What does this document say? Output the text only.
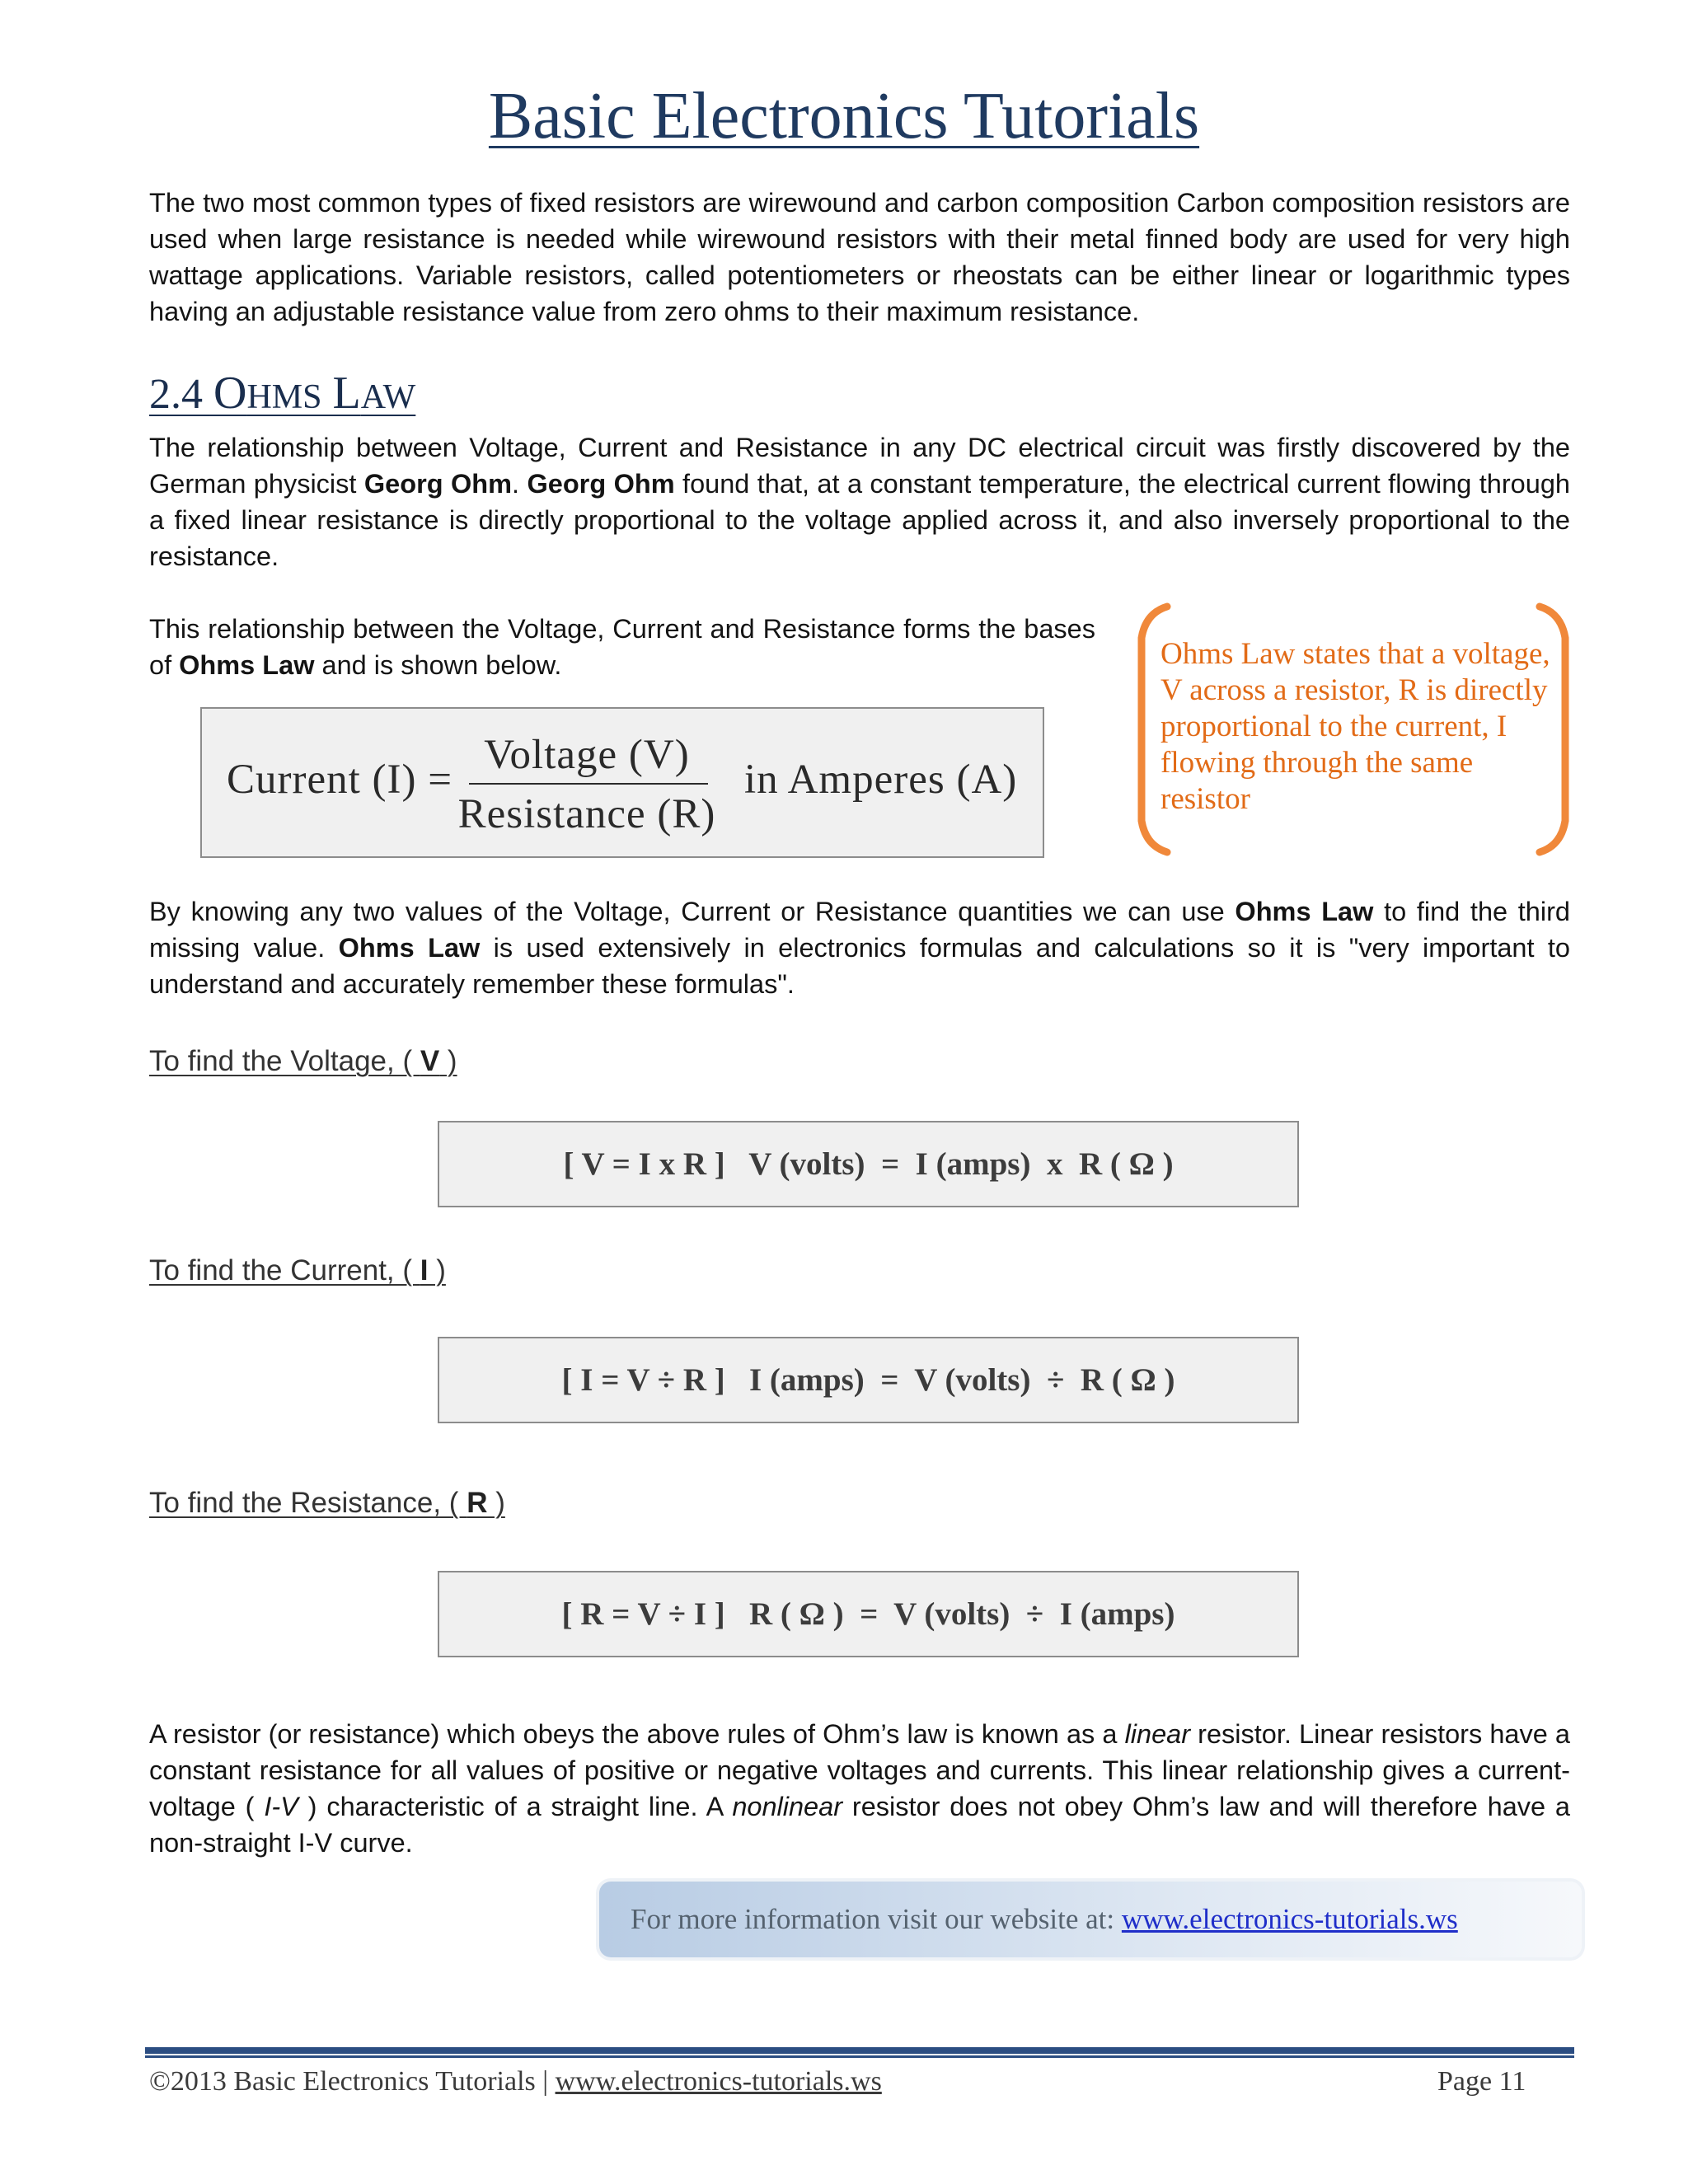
Basic Electronics Tutorials

The two most common types of fixed resistors are wirewound and carbon composition Carbon composition resistors are used when large resistance is needed while wirewound resistors with their metal finned body are used for very high wattage applications. Variable resistors, called potentiometers or rheostats can be either linear or logarithmic types having an adjustable resistance value from zero ohms to their maximum resistance.

2.4 OHMS LAW

The relationship between Voltage, Current and Resistance in any DC electrical circuit was firstly discovered by the German physicist Georg Ohm. Georg Ohm found that, at a constant temperature, the electrical current flowing through a fixed linear resistance is directly proportional to the voltage applied across it, and also inversely proportional to the resistance.

This relationship between the Voltage, Current and Resistance forms the bases of Ohms Law and is shown below.

Current (I) =
Voltage (V)
Resistance (R)
in Amperes (A)
Ohms Law states that a voltage, V across a resistor, R is directly proportional to the current, I flowing through the same resistor

By knowing any two values of the Voltage, Current or Resistance quantities we can use Ohms Law to find the third missing value. Ohms Law is used extensively in electronics formulas and calculations so it is "very important to understand and accurately remember these formulas".

To find the Voltage, ( V )
[ V = I x R ]   V (volts)  =  I (amps)  x  R ( Ω )
To find the Current, ( I )
[ I = V ÷ R ]   I (amps)  =  V (volts)  ÷  R ( Ω )
To find the Resistance, ( R )
[ R = V ÷ I ]   R ( Ω )  =  V (volts)  ÷  I (amps)

A resistor (or resistance) which obeys the above rules of Ohm’s law is known as a linear resistor. Linear resistors have a constant resistance for all values of positive or negative voltages and currents. This linear relationship gives a current-voltage ( I-V ) characteristic of a straight line. A nonlinear resistor does not obey Ohm’s law and will therefore have a non-straight I-V curve.

For more information visit our website at: www.electronics-tutorials.ws
©2013 Basic Electronics Tutorials | www.electronics-tutorials.ws	Page 11
